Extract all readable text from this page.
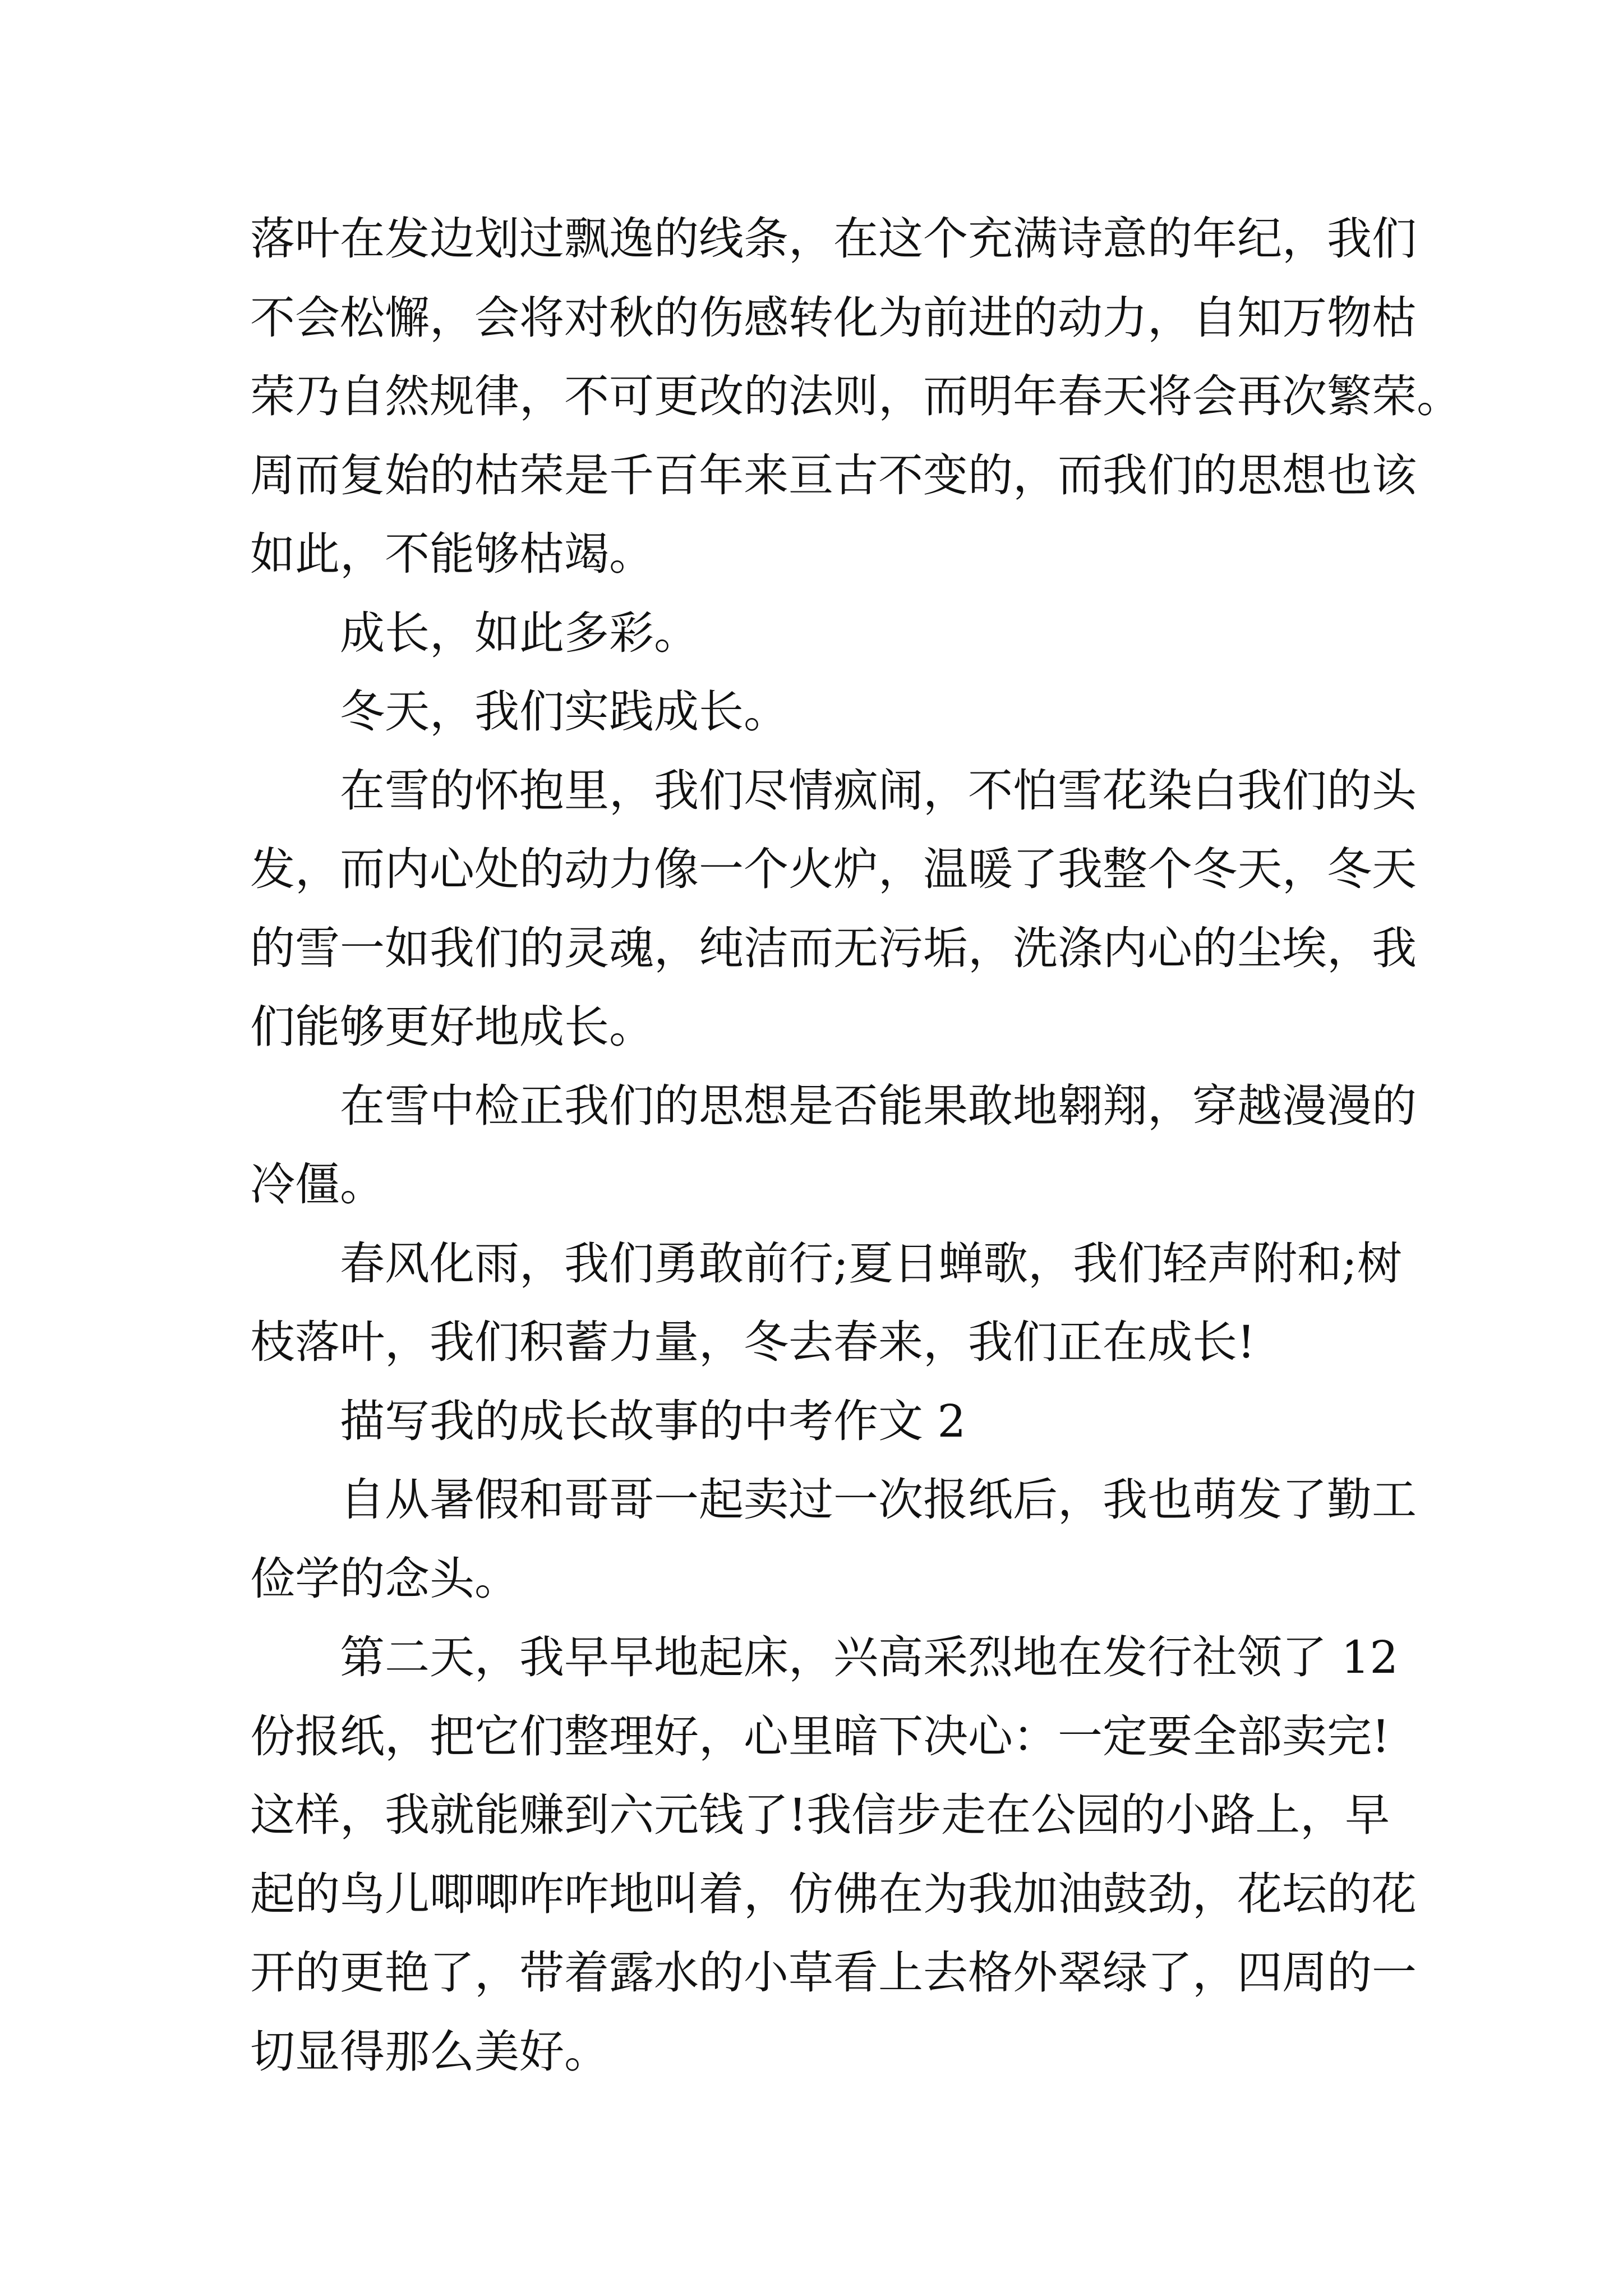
落叶在发边划过飘逸的线条，在这个充满诗意的年纪，我们
不会松懈，会将对秋的伤感转化为前进的动力，自知万物枯
荣乃自然规律，不可更改的法则，而明年春天将会再次繁荣。
周而复始的枯荣是千百年来亘古不变的，而我们的思想也该
如此，不能够枯竭。
成长，如此多彩。
冬天，我们实践成长。
在雪的怀抱里，我们尽情疯闹，不怕雪花染白我们的头
发，而内心处的动力像一个火炉，温暖了我整个冬天，冬天
的雪一如我们的灵魂，纯洁而无污垢，洗涤内心的尘埃，我
们能够更好地成长。
在雪中检正我们的思想是否能果敢地翱翔，穿越漫漫的
冷僵。
春风化雨，我们勇敢前行;夏日蝉歌，我们轻声附和;树
枝落叶，我们积蓄力量，冬去春来，我们正在成长!
描写我的成长故事的中考作文 2
自从暑假和哥哥一起卖过一次报纸后，我也萌发了勤工
俭学的念头。
第二天，我早早地起床，兴高采烈地在发行社领了 12
份报纸，把它们整理好，心里暗下决心：一定要全部卖完!
这样，我就能赚到六元钱了!我信步走在公园的小路上，早
起的鸟儿唧唧咋咋地叫着，仿佛在为我加油鼓劲，花坛的花
开的更艳了，带着露水的小草看上去格外翠绿了，四周的一
切显得那么美好。
